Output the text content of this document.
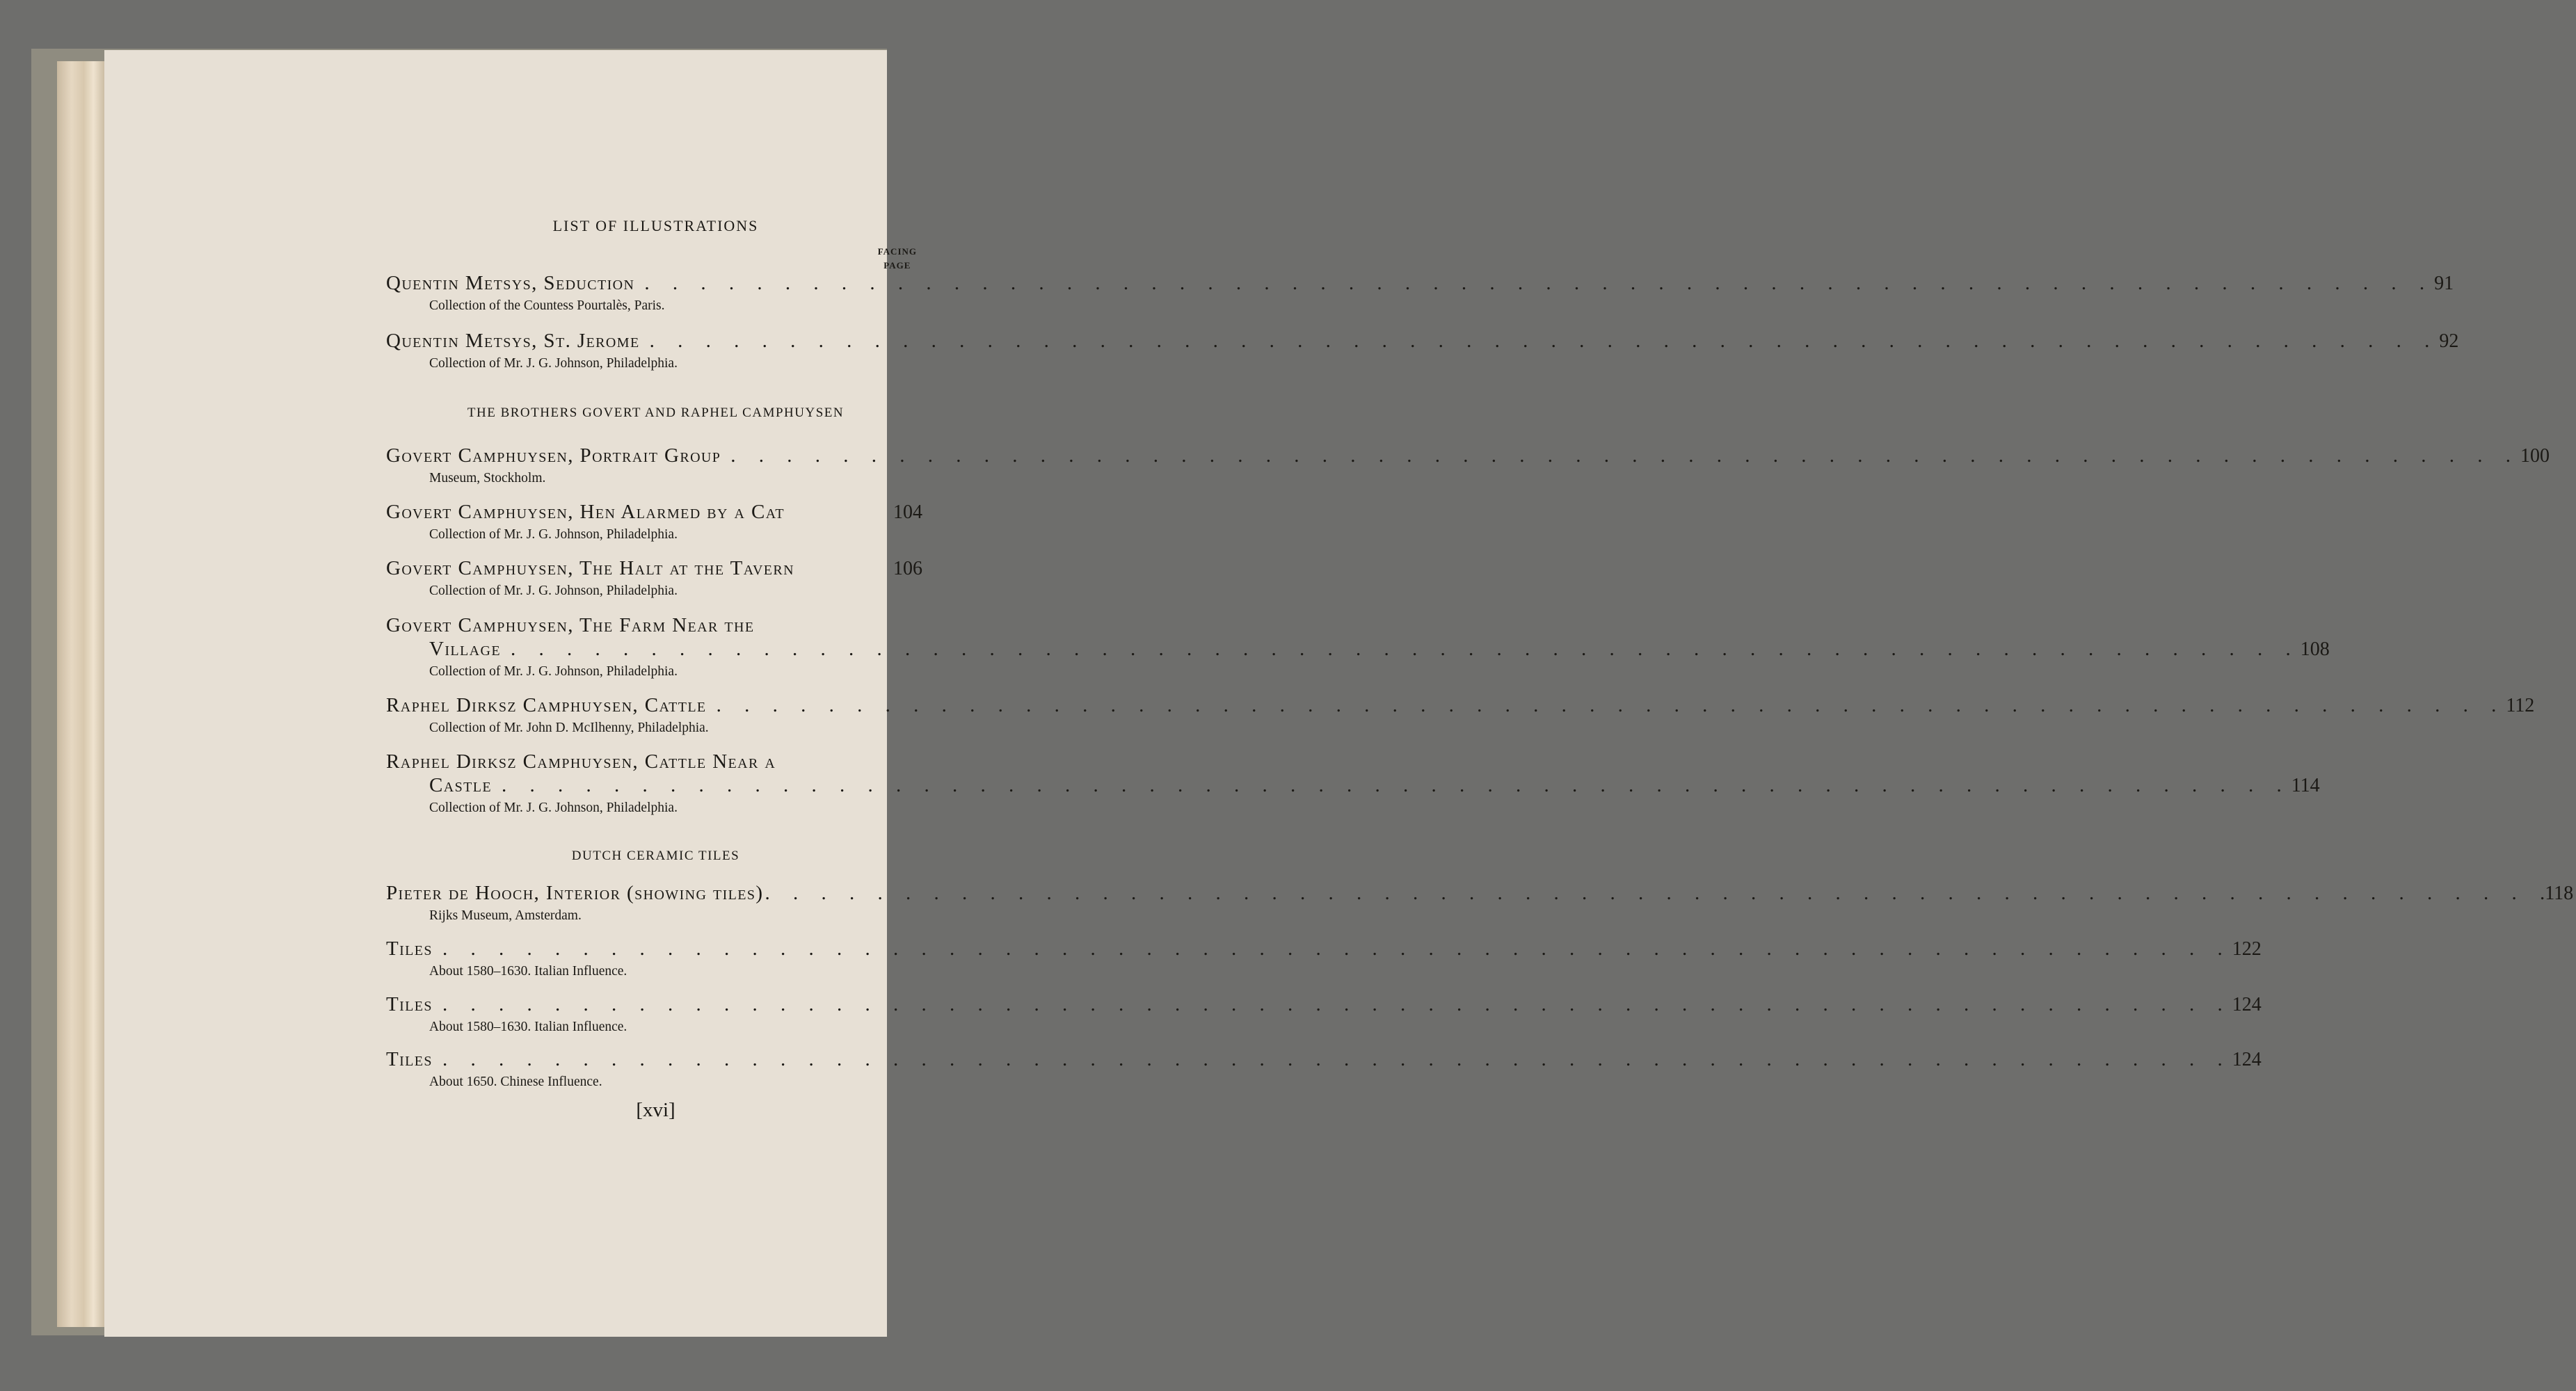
LIST OF ILLUSTRATIONS
FACING
PAGE
Quentin Metsys, Seduction . . .	91
Collection of the Countess Pourtalès, Paris.
Quentin Metsys, St. Jerome . . .	92
Collection of Mr. J. G. Johnson, Philadelphia.
THE BROTHERS GOVERT AND RAPHEL CAMPHUYSEN
Govert Camphuysen, Portrait Group . . .	100
Museum, Stockholm.
Govert Camphuysen, Hen Alarmed by a Cat	104
Collection of Mr. J. G. Johnson, Philadelphia.
Govert Camphuysen, The Halt at the Tavern	106
Collection of Mr. J. G. Johnson, Philadelphia.
Govert Camphuysen, The Farm Near the
Village . . .	108
Collection of Mr. J. G. Johnson, Philadelphia.
Raphel Dirksz Camphuysen, Cattle . . .	112
Collection of Mr. John D. McIlhenny, Philadelphia.
Raphel Dirksz Camphuysen, Cattle Near a
Castle . . .	114
Collection of Mr. J. G. Johnson, Philadelphia.
DUTCH CERAMIC TILES
Pieter de Hooch, Interior (showing tiles) . . .	118
Rijks Museum, Amsterdam.
Tiles . . .	122
About 1580–1630. Italian Influence.
Tiles . . .	124
About 1580–1630. Italian Influence.
Tiles . . .	124
About 1650. Chinese Influence.
[xvi]
